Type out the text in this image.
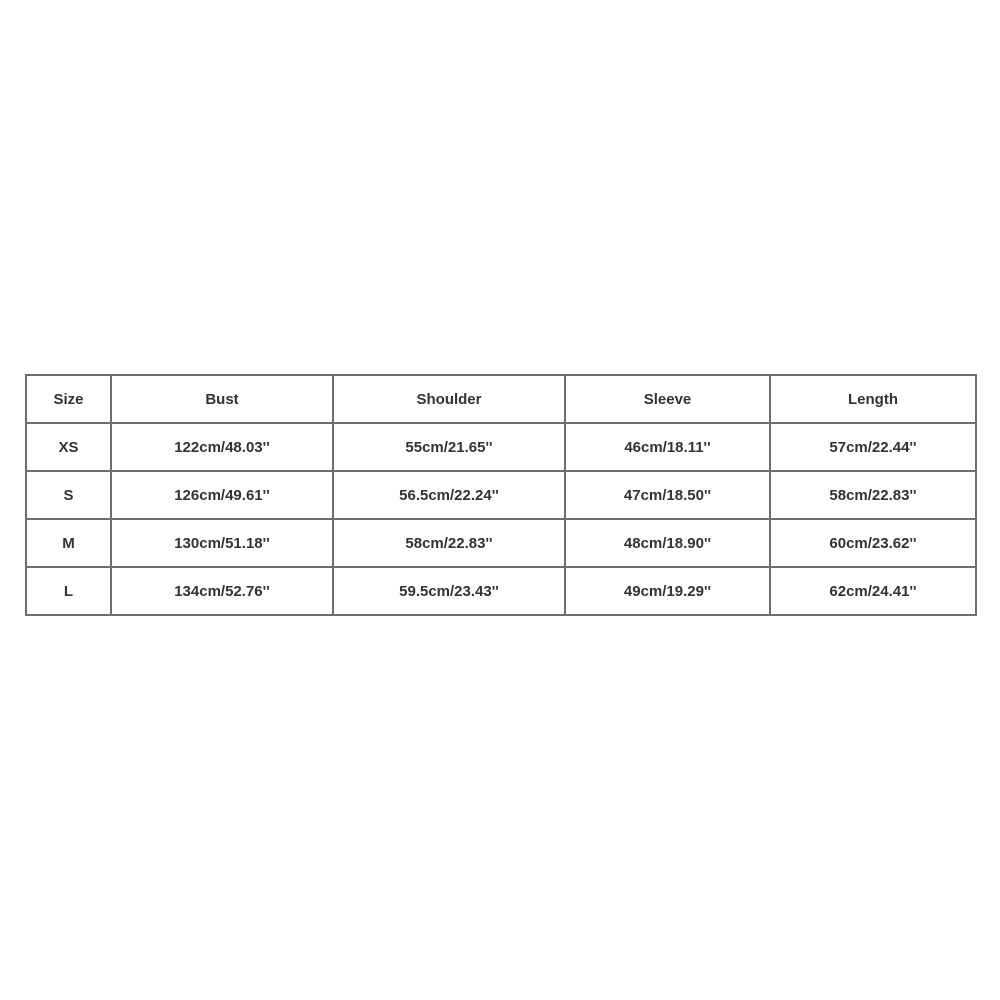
Size	Bust	Shoulder	Sleeve	Length
XS	122cm/48.03''	55cm/21.65''	46cm/18.11''	57cm/22.44''
S	126cm/49.61''	56.5cm/22.24''	47cm/18.50''	58cm/22.83''
M	130cm/51.18''	58cm/22.83''	48cm/18.90''	60cm/23.62''
L	134cm/52.76''	59.5cm/23.43''	49cm/19.29''	62cm/24.41''
